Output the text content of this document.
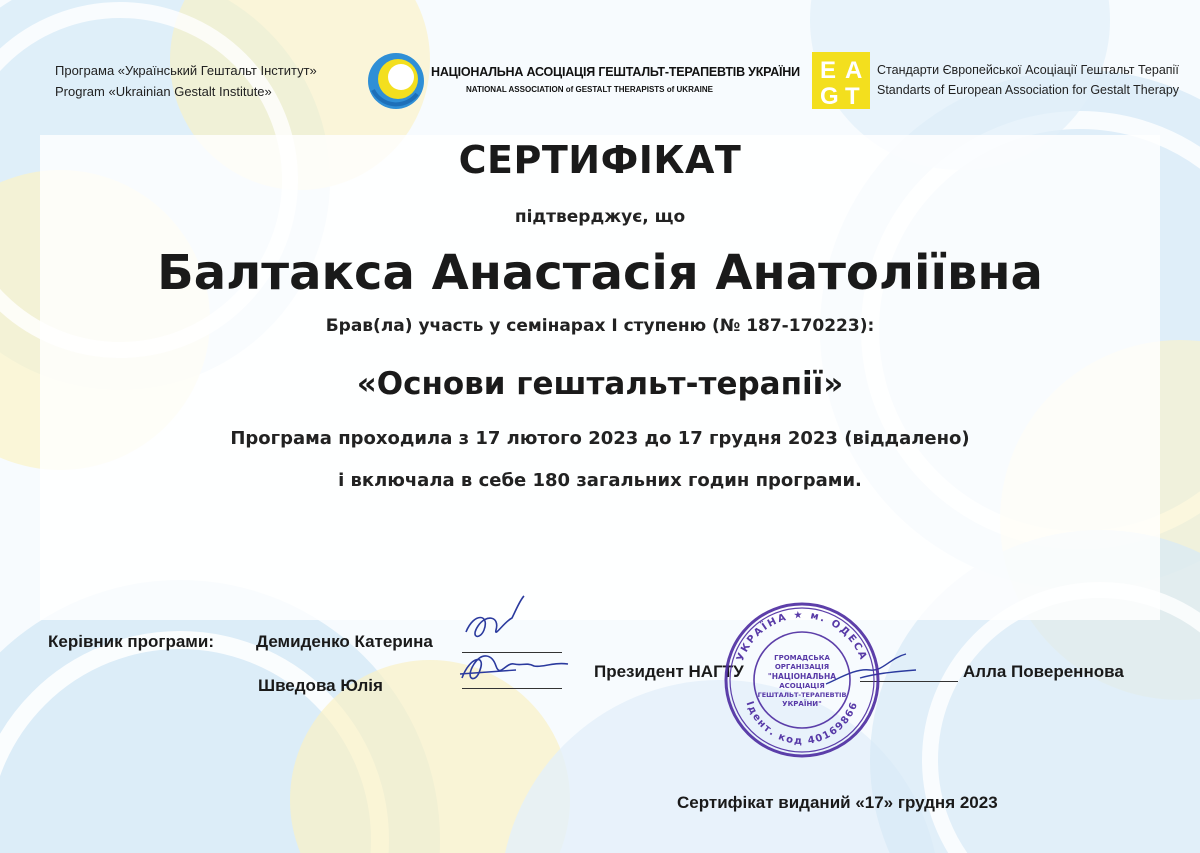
Програма «Український Гештальт Інститут»
Program «Ukrainian Gestalt Institute»
НАЦІОНАЛЬНА АСОЦІАЦІЯ ГЕШТАЛЬТ-ТЕРАПЕВТІВ УКРАЇНИ
NATIONAL ASSOCIATION of GESTALT THERAPISTS of UKRAINE
E A
G T
Стандарти Європейської Асоціації Гештальт Терапії
Standarts of European Association for Gestalt Therapy
СЕРТИФІКАТ
підтверджує, що
Балтакса Анастасія Анатоліївна
Брав(ла) участь у семінарах І ступеню (№ 187-170223):
«Основи гештальт-терапії»
Програма проходила з 17 лютого 2023 до 17 грудня 2023 (віддалено)
і включала в себе 180 загальних годин програми.
Керівник програми: Демиденко Катерина
Шведова Юлія
Президент НАГТУ	Алла Повереннова
УКРАЇНА ★ м. ОДЕСА
Ідент. код 40169866
ГРОМАДСЬКА
ОРГАНІЗАЦІЯ
"НАЦІОНАЛЬНА
АСОЦІАЦІЯ
ГЕШТАЛЬТ-ТЕРАПЕВТІВ
УКРАЇНИ"
Сертифікат виданий «17» грудня 2023
